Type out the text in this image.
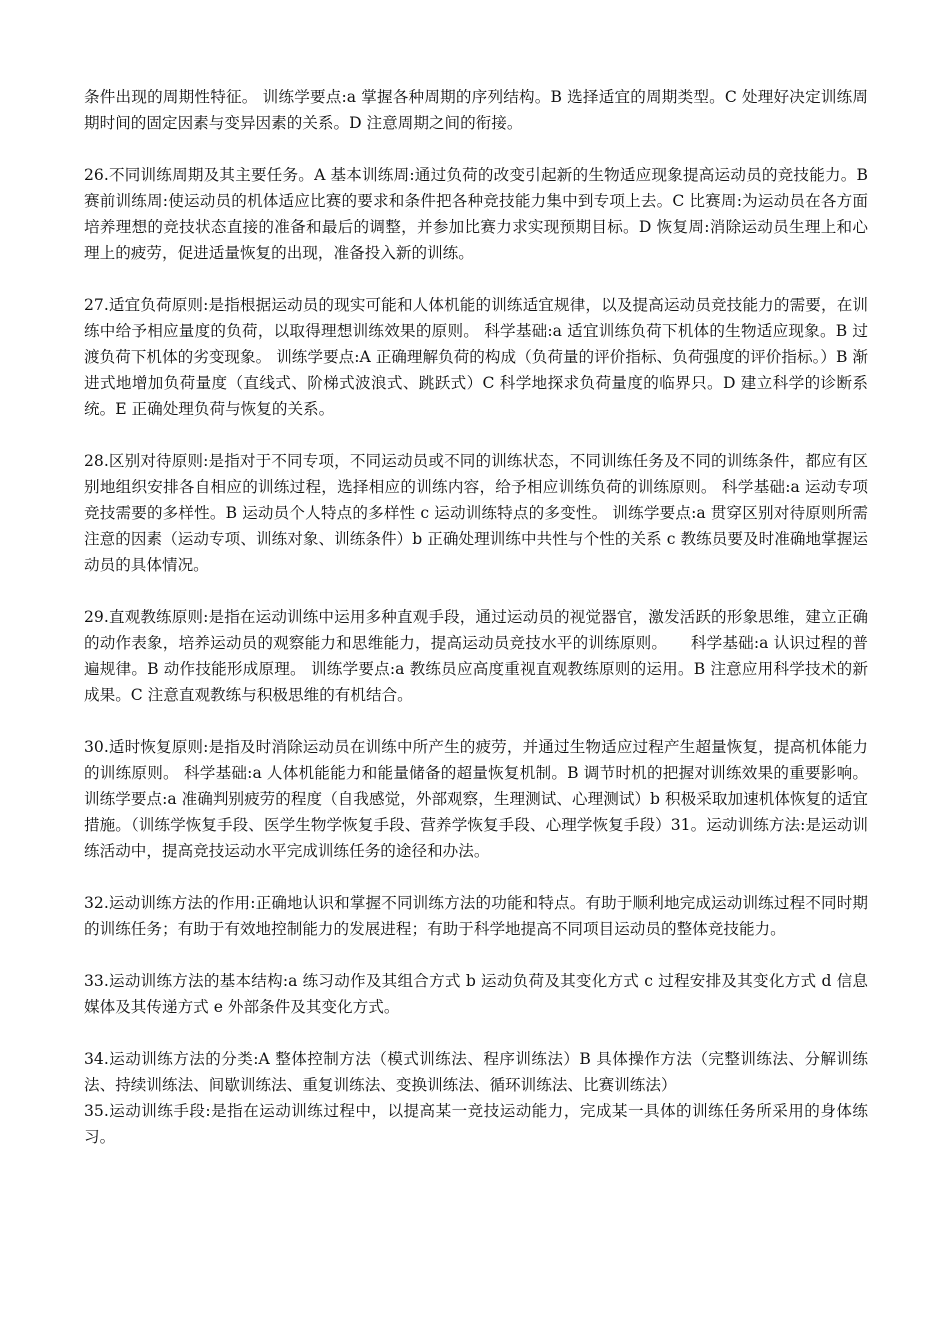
条件出现的周期性特征。 训练学要点:a 掌握各种周期的序列结构。B 选择适宜的周期类型。C 处理好决定训练周期时间的固定因素与变异因素的关系。D 注意周期之间的衔接。

26.不同训练周期及其主要任务。A 基本训练周:通过负荷的改变引起新的生物适应现象提高运动员的竞技能力。B 赛前训练周:使运动员的机体适应比赛的要求和条件把各种竞技能力集中到专项上去。C 比赛周:为运动员在各方面培养理想的竞技状态直接的准备和最后的调整，并参加比赛力求实现预期目标。D 恢复周:消除运动员生理上和心理上的疲劳，促进适量恢复的出现，准备投入新的训练。

27.适宜负荷原则:是指根据运动员的现实可能和人体机能的训练适宜规律，以及提高运动员竞技能力的需要，在训练中给予相应量度的负荷，以取得理想训练效果的原则。 科学基础:a 适宜训练负荷下机体的生物适应现象。B 过渡负荷下机体的劣变现象。 训练学要点:A 正确理解负荷的构成（负荷量的评价指标、负荷强度的评价指标。）B 渐进式地增加负荷量度（直线式、阶梯式波浪式、跳跃式）C 科学地探求负荷量度的临界只。D 建立科学的诊断系统。E 正确处理负荷与恢复的关系。

28.区别对待原则:是指对于不同专项，不同运动员或不同的训练状态，不同训练任务及不同的训练条件，都应有区别地组织安排各自相应的训练过程，选择相应的训练内容，给予相应训练负荷的训练原则。 科学基础:a 运动专项竞技需要的多样性。B 运动员个人特点的多样性 c 运动训练特点的多变性。 训练学要点:a 贯穿区别对待原则所需注意的因素（运动专项、训练对象、训练条件）b 正确处理训练中共性与个性的关系 c 教练员要及时准确地掌握运动员的具体情况。

29.直观教练原则:是指在运动训练中运用多种直观手段，通过运动员的视觉器官，激发活跃的形象思维，建立正确的动作表象，培养运动员的观察能力和思维能力，提高运动员竞技水平的训练原则。　　科学基础:a 认识过程的普遍规律。B 动作技能形成原理。 训练学要点:a 教练员应高度重视直观教练原则的运用。B 注意应用科学技术的新成果。C 注意直观教练与积极思维的有机结合。

30.适时恢复原则:是指及时消除运动员在训练中所产生的疲劳，并通过生物适应过程产生超量恢复，提高机体能力的训练原则。 科学基础:a 人体机能能力和能量储备的超量恢复机制。B 调节时机的把握对训练效果的重要影响。 训练学要点:a 准确判别疲劳的程度（自我感觉，外部观察，生理测试、心理测试）b 积极采取加速机体恢复的适宜措施。（训练学恢复手段、医学生物学恢复手段、营养学恢复手段、心理学恢复手段）31。运动训练方法:是运动训练活动中，提高竞技运动水平完成训练任务的途径和办法。

32.运动训练方法的作用:正确地认识和掌握不同训练方法的功能和特点。有助于顺利地完成运动训练过程不同时期的训练任务；有助于有效地控制能力的发展进程；有助于科学地提高不同项目运动员的整体竞技能力。

33.运动训练方法的基本结构:a 练习动作及其组合方式 b 运动负荷及其变化方式 c 过程安排及其变化方式 d 信息媒体及其传递方式 e 外部条件及其变化方式。

34.运动训练方法的分类:A 整体控制方法（模式训练法、程序训练法）B 具体操作方法（完整训练法、分解训练法、持续训练法、间歇训练法、重复训练法、变换训练法、循环训练法、比赛训练法）

35.运动训练手段:是指在运动训练过程中，以提高某一竞技运动能力，完成某一具体的训练任务所采用的身体练习。
